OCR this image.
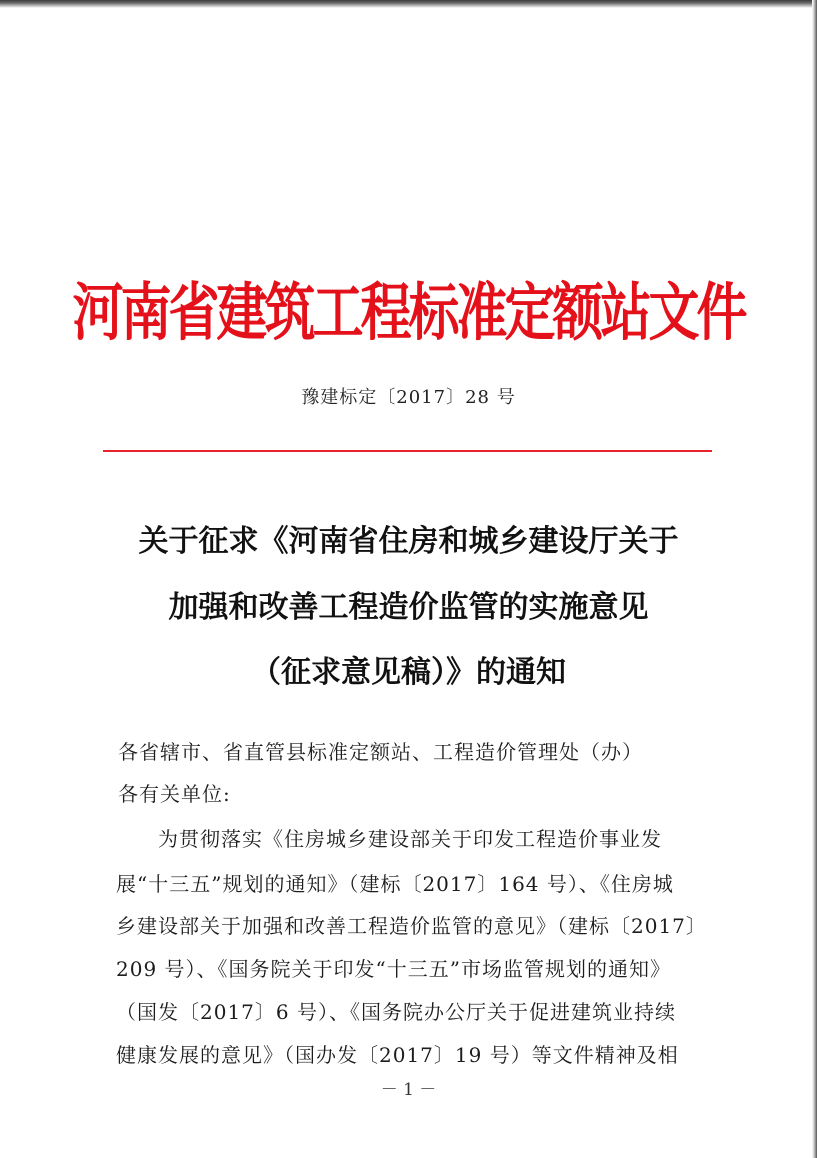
河南省建筑工程标准定额站文件
豫建标定〔2017〕28 号
关于征求《河南省住房和城乡建设厅关于
加强和改善工程造价监管的实施意见
（征求意见稿）》的通知
各省辖市、省直管县标准定额站、工程造价管理处（办）
各有关单位:
为贯彻落实《住房城乡建设部关于印发工程造价事业发
展“十三五”规划的通知》（建标〔2017〕164 号）、《住房城
乡建设部关于加强和改善工程造价监管的意见》（建标〔2017〕
209 号）、《国务院关于印发“十三五”市场监管规划的通知》
（国发〔2017〕6 号）、《国务院办公厅关于促进建筑业持续
健康发展的意见》（国办发〔2017〕19 号）等文件精神及相
－ 1 －
